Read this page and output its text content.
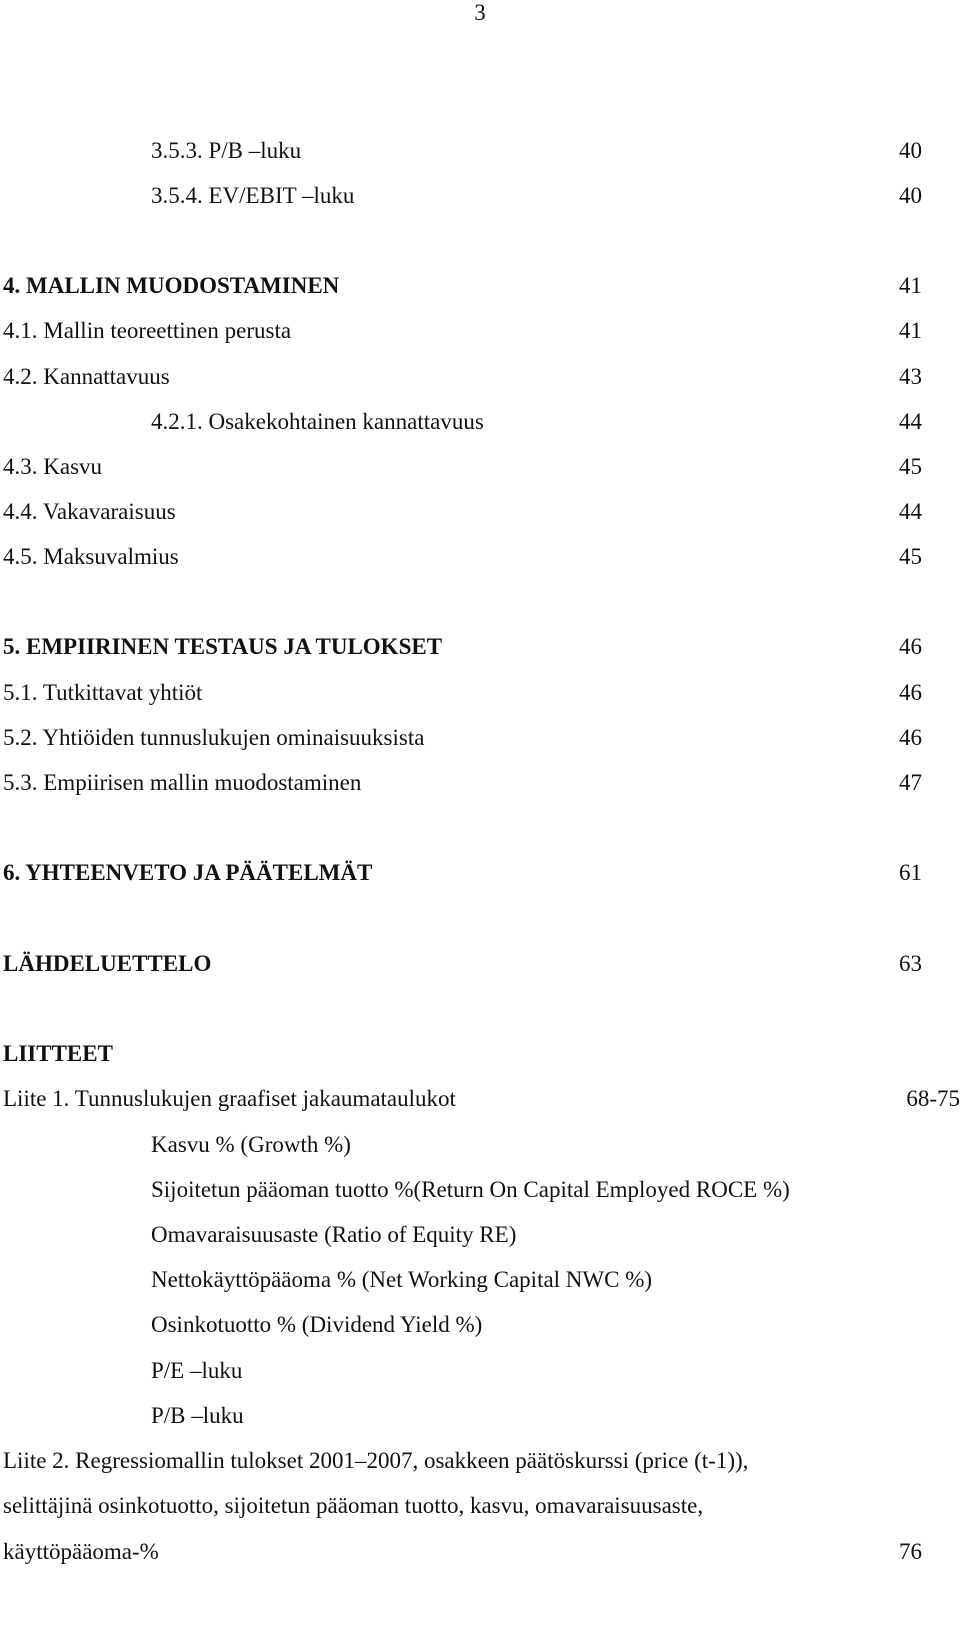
3
3.5.3. P/B –luku	40
3.5.4. EV/EBIT –luku	40
4. MALLIN MUODOSTAMINEN	41
4.1. Mallin teoreettinen perusta	41
4.2. Kannattavuus	43
4.2.1. Osakekohtainen kannattavuus	44
4.3. Kasvu	45
4.4. Vakavaraisuus	44
4.5. Maksuvalmius	45
5. EMPIIRINEN TESTAUS JA TULOKSET	46
5.1. Tutkittavat yhtiöt	46
5.2. Yhtiöiden tunnuslukujen ominaisuuksista	46
5.3. Empiirisen mallin muodostaminen	47
6. YHTEENVETO JA PÄÄTELMÄT	61
LÄHDELUETTELO	63
LIITTEET
Liite 1. Tunnuslukujen graafiset jakaumataulukot	68-75
Kasvu % (Growth %)
Sijoitetun pääoman tuotto %(Return On Capital Employed ROCE %)
Omavaraisuusaste (Ratio of Equity RE)
Nettokäyttöpääoma % (Net Working Capital NWC %)
Osinkotuotto % (Dividend Yield %)
P/E –luku
P/B –luku
Liite 2. Regressiomallin tulokset 2001–2007, osakkeen päätöskurssi (price (t-1)),
selittäjinä osinkotuotto, sijoitetun pääoman tuotto, kasvu, omavaraisuusaste,
käyttöpääoma-%	76
